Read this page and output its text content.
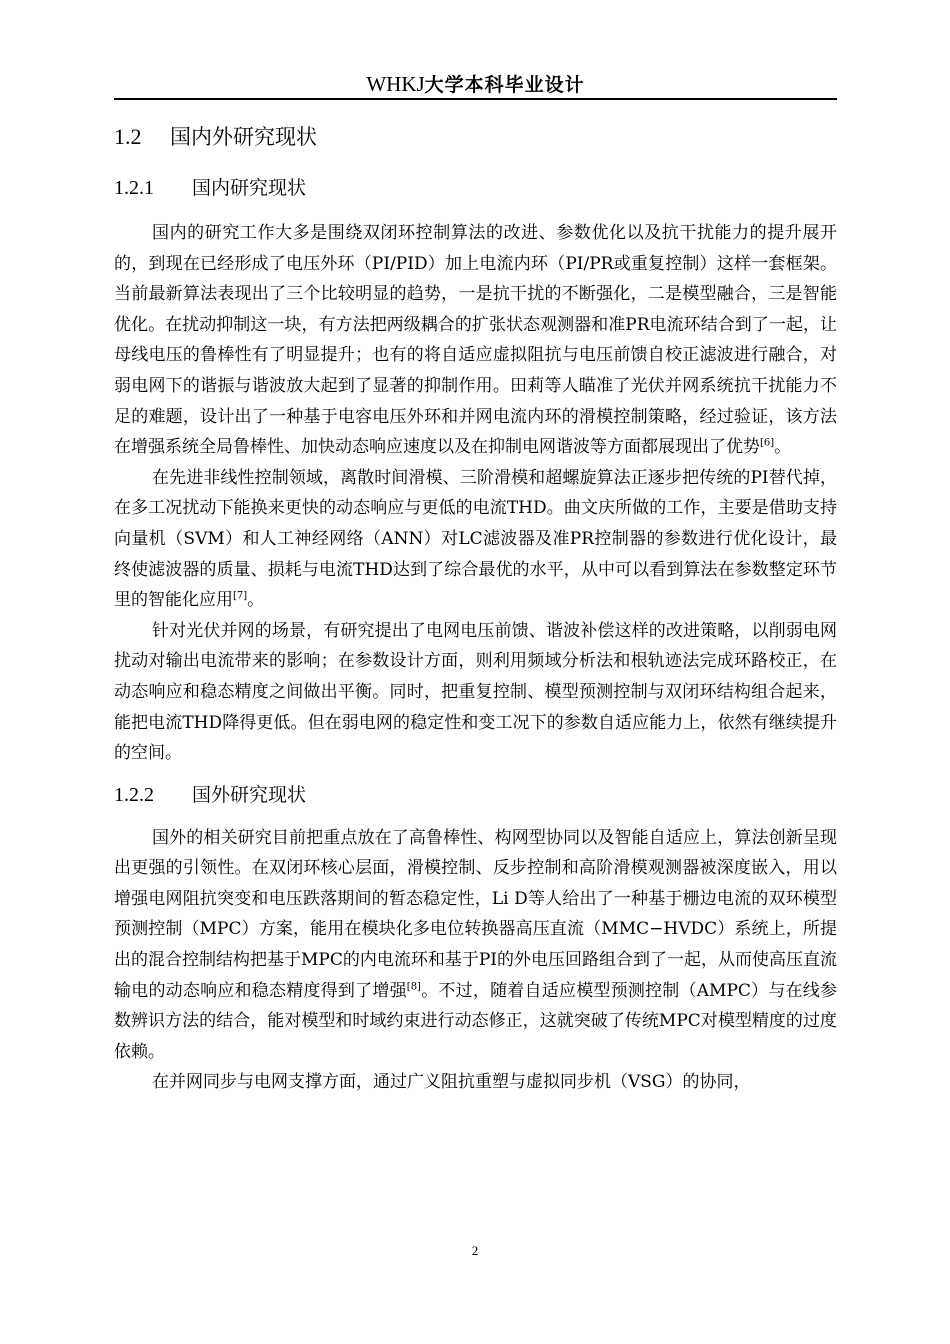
WHKJ大学本科毕业设计
1.2 国内外研究现状
1.2.1 国内研究现状

国内的研究工作大多是围绕双闭环控制算法的改进、参数优化以及抗干扰能力的提升展开的，到现在已经形成了电压外环（PI/PID）加上电流内环（PI/PR或重复控制）这样一套框架。当前最新算法表现出了三个比较明显的趋势，一是抗干扰的不断强化，二是模型融合，三是智能优化。在扰动抑制这一块，有方法把两级耦合的扩张状态观测器和准PR电流环结合到了一起，让母线电压的鲁棒性有了明显提升；也有的将自适应虚拟阻抗与电压前馈自校正滤波进行融合，对弱电网下的谐振与谐波放大起到了显著的抑制作用。田莉等人瞄准了光伏并网系统抗干扰能力不足的难题，设计出了一种基于电容电压外环和并网电流内环的滑模控制策略，经过验证，该方法在增强系统全局鲁棒性、加快动态响应速度以及在抑制电网谐波等方面都展现出了优势[6]。

在先进非线性控制领域，离散时间滑模、三阶滑模和超螺旋算法正逐步把传统的PI替代掉，在多工况扰动下能换来更快的动态响应与更低的电流THD。曲文庆所做的工作，主要是借助支持向量机（SVM）和人工神经网络（ANN）对LC滤波器及准PR控制器的参数进行优化设计，最终使滤波器的质量、损耗与电流THD达到了综合最优的水平，从中可以看到算法在参数整定环节里的智能化应用[7]。

针对光伏并网的场景，有研究提出了电网电压前馈、谐波补偿这样的改进策略，以削弱电网扰动对输出电流带来的影响；在参数设计方面，则利用频域分析法和根轨迹法完成环路校正，在动态响应和稳态精度之间做出平衡。同时，把重复控制、模型预测控制与双闭环结构组合起来，能把电流THD降得更低。但在弱电网的稳定性和变工况下的参数自适应能力上，依然有继续提升的空间。

1.2.2 国外研究现状

国外的相关研究目前把重点放在了高鲁棒性、构网型协同以及智能自适应上，算法创新呈现出更强的引领性。在双闭环核心层面，滑模控制、反步控制和高阶滑模观测器被深度嵌入，用以增强电网阻抗突变和电压跌落期间的暂态稳定性，Li D等人给出了一种基于栅边电流的双环模型预测控制（MPC）方案，能用在模块化多电位转换器高压直流（MMC−HVDC）系统上，所提出的混合控制结构把基于MPC的内电流环和基于PI的外电压回路组合到了一起，从而使高压直流输电的动态响应和稳态精度得到了增强[8]。不过，随着自适应模型预测控制（AMPC）与在线参数辨识方法的结合，能对模型和时域约束进行动态修正，这就突破了传统MPC对模型精度的过度依赖。

在并网同步与电网支撑方面，通过广义阻抗重塑与虚拟同步机（VSG）的协同，

2
